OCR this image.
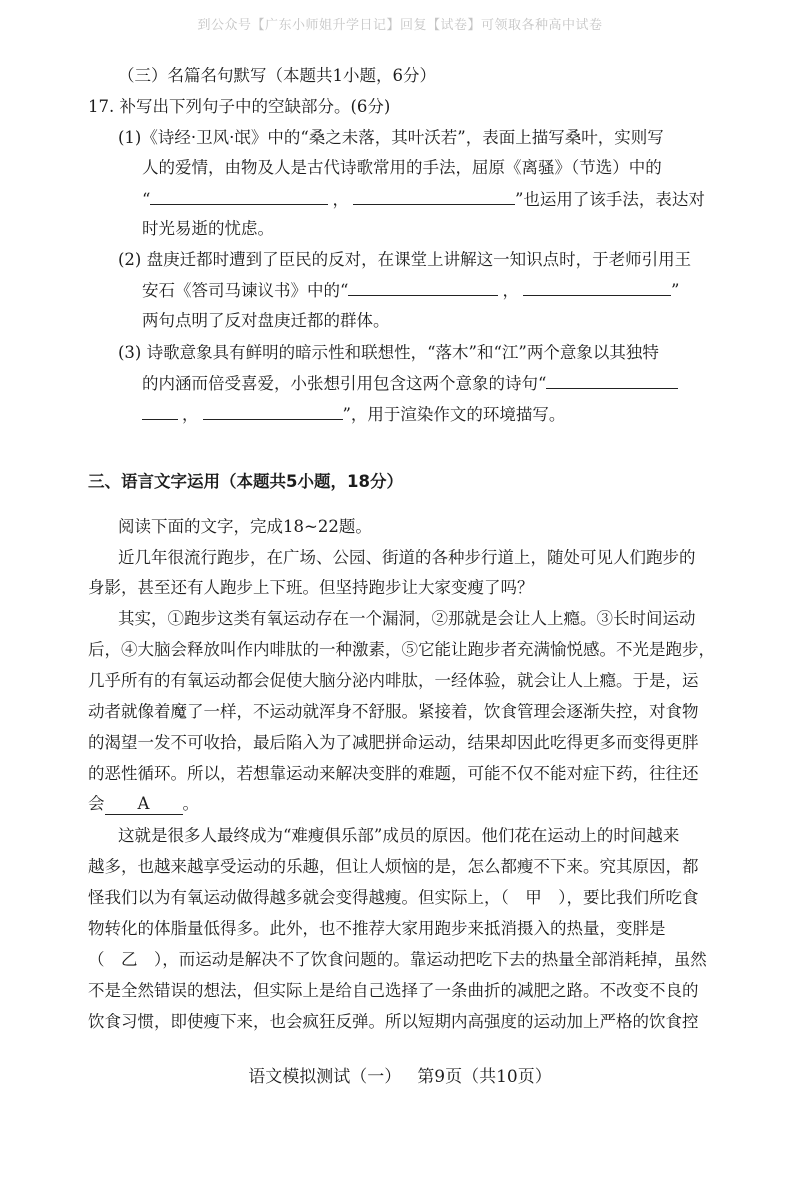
到公众号【广东小师姐升学日记】回复【试卷】可领取各种高中试卷
（三）名篇名句默写（本题共1小题，6分）
17. 补写出下列句子中的空缺部分。(6分)
(1)《诗经·卫风·氓》中的“桑之未落，其叶沃若”，表面上描写桑叶，实则写
人的爱情，由物及人是古代诗歌常用的手法，屈原《离骚》（节选）中的
“	，	”也运用了该手法，表达对
时光易逝的忧虑。
(2) 盘庚迁都时遭到了臣民的反对，在课堂上讲解这一知识点时，于老师引用王
安石《答司马谏议书》中的“	，	”
两句点明了反对盘庚迁都的群体。
(3) 诗歌意象具有鲜明的暗示性和联想性，“落木”和“江”两个意象以其独特
的内涵而倍受喜爱，小张想引用包含这两个意象的诗句“
，	”，用于渲染作文的环境描写。
三、语言文字运用（本题共5小题，18分）
阅读下面的文字，完成18~22题。
近几年很流行跑步，在广场、公园、街道的各种步行道上，随处可见人们跑步的
身影，甚至还有人跑步上下班。但坚持跑步让大家变瘦了吗？
其实，①跑步这类有氧运动存在一个漏洞，②那就是会让人上瘾。③长时间运动
后，④大脑会释放叫作内啡肽的一种激素，⑤它能让跑步者充满愉悦感。不光是跑步，
几乎所有的有氧运动都会促使大脑分泌内啡肽，一经体验，就会让人上瘾。于是，运
动者就像着魔了一样，不运动就浑身不舒服。紧接着，饮食管理会逐渐失控，对食物
的渴望一发不可收拾，最后陷入为了减肥拼命运动，结果却因此吃得更多而变得更胖
的恶性循环。所以，若想靠运动来解决变胖的难题，可能不仅不能对症下药，往往还
会 A 。
这就是很多人最终成为“难瘦俱乐部”成员的原因。他们花在运动上的时间越来
越多，也越来越享受运动的乐趣，但让人烦恼的是，怎么都瘦不下来。究其原因，都
怪我们以为有氧运动做得越多就会变得越瘦。但实际上，（　甲　），要比我们所吃食
物转化的体脂量低得多。此外，也不推荐大家用跑步来抵消摄入的热量，变胖是
（　乙　），而运动是解决不了饮食问题的。靠运动把吃下去的热量全部消耗掉，虽然
不是全然错误的想法，但实际上是给自己选择了一条曲折的减肥之路。不改变不良的
饮食习惯，即使瘦下来，也会疯狂反弹。所以短期内高强度的运动加上严格的饮食控
语文模拟测试（一） 第9页（共10页）
